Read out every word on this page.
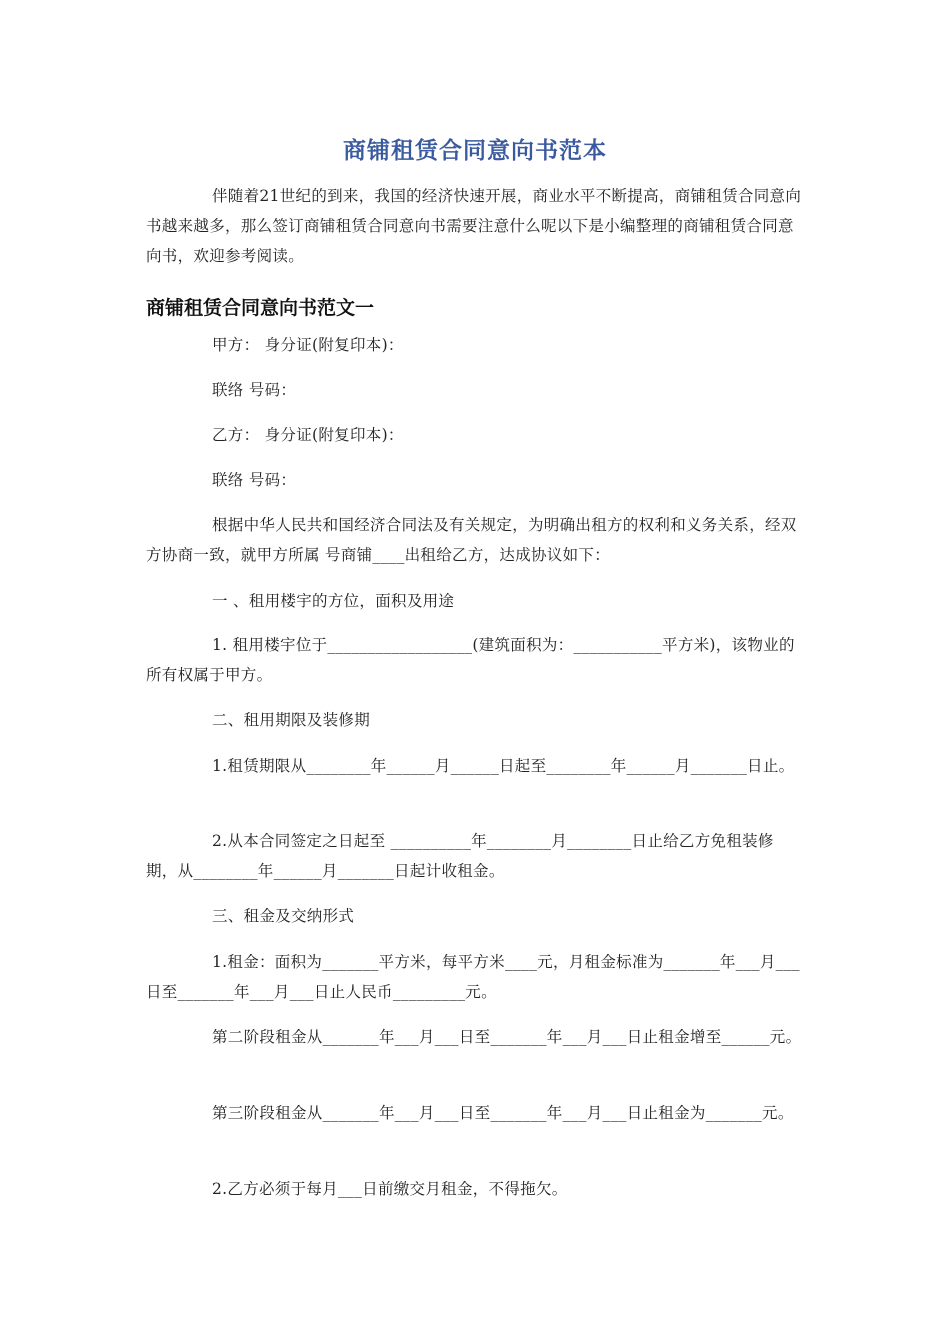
商铺租赁合同意向书范本
伴随着21世纪的到来，我国的经济快速开展，商业水平不断提高，商铺租赁合同意向书越来越多，那么签订商铺租赁合同意向书需要注意什么呢以下是小编整理的商铺租赁合同意向书，欢迎参考阅读。
商铺租赁合同意向书范文一
甲方： 身分证(附复印本)：
联络 号码：
乙方： 身分证(附复印本)：
联络 号码：
根据中华人民共和国经济合同法及有关规定，为明确出租方的权利和义务关系，经双方协商一致，就甲方所属 号商铺____出租给乙方，达成协议如下：
一 、租用楼宇的方位，面积及用途
1. 租用楼宇位于__________________(建筑面积为：___________平方米)，该物业的所有权属于甲方。
二、租用期限及装修期
1.租赁期限从________年______月______日起至________年______月_______日止。
2.从本合同签定之日起至 __________年________月________日止给乙方免租装修期，从________年______月_______日起计收租金。
三、租金及交纳形式
1.租金：面积为_______平方米，每平方米____元，月租金标准为_______年___月___日至_______年___月___日止人民币_________元。
第二阶段租金从_______年___月___日至_______年___月___日止租金增至______元。
第三阶段租金从_______年___月___日至_______年___月___日止租金为_______元。
2.乙方必须于每月___日前缴交月租金，不得拖欠。
